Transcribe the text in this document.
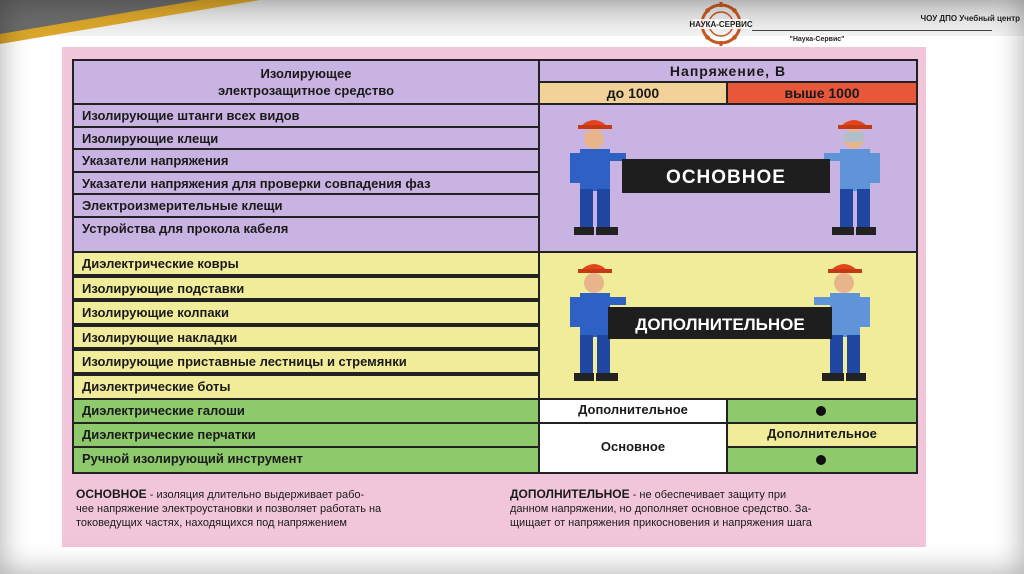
НАУКА-СЕРВИС
ЧОУ ДПО Учебный центр
"Наука-Сервис"
Изолирующее
электрозащитное средство
Напряжение, В
до 1000	выше 1000
Изолирующие штанги всех видов
Изолирующие клещи
Указатели напряжения
Указатели напряжения для проверки совпадения фаз
Электроизмерительные клещи
Устройства для прокола кабеля
Диэлектрические ковры
Изолирующие подставки
Изолирующие колпаки
Изолирующие накладки
Изолирующие приставные лестницы и стремянки
Диэлектрические боты
Диэлектрические галоши
Диэлектрические перчатки
Ручной изолирующий инструмент
ОСНОВНОЕ
ДОПОЛНИТЕЛЬНОЕ
Дополнительное
Основное
Дополнительное
ОСНОВНОЕ - изоляция длительно выдерживает рабо-
чее напряжение электроустановки и позволяет работать на
токоведущих частях, находящихся под напряжением
ДОПОЛНИТЕЛЬНОЕ - не обеспечивает защиту при
данном напряжении, но дополняет основное средство. За-
щищает от напряжения прикосновения и напряжения шага
